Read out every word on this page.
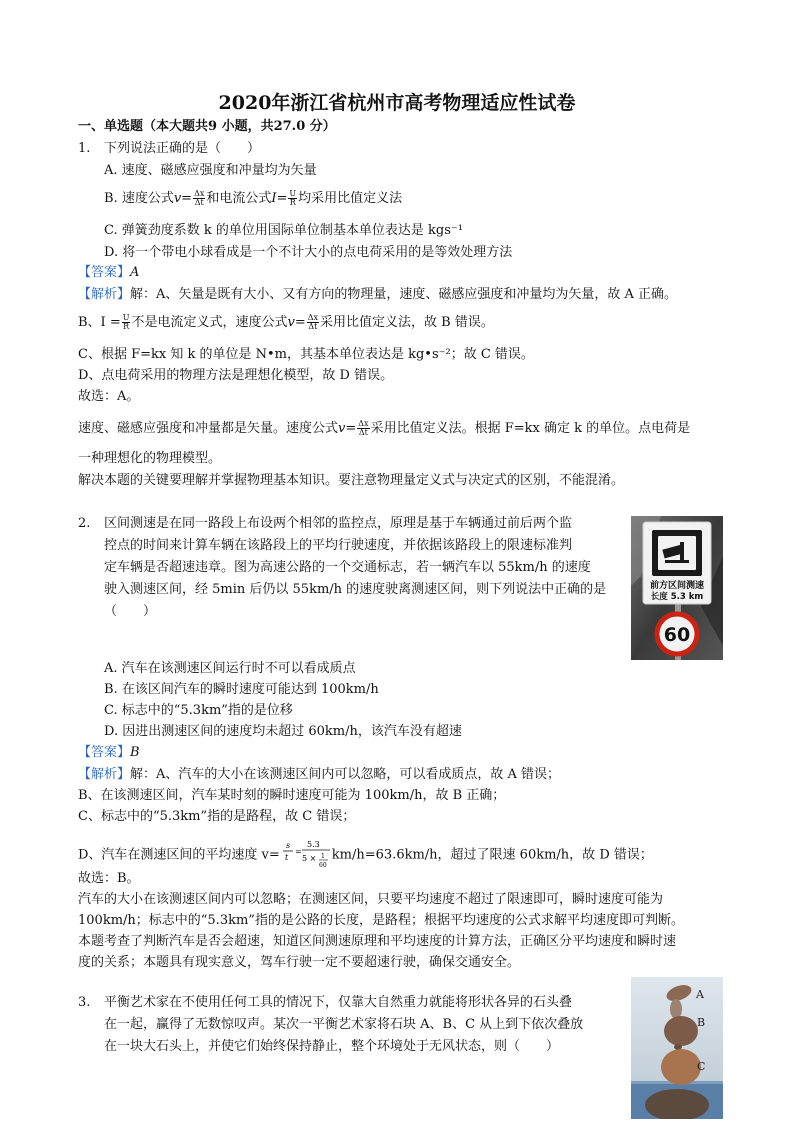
2020年浙江省杭州市高考物理适应性试卷
一、单选题（本大题共9 小题，共27.0 分）
1. 下列说法正确的是（　　）
A. 速度、磁感应强度和冲量均为矢量
B. 速度公式$v= \frac{\Delta x}{\Delta t}$ 和电流公式$I= \frac{U}{R}$ 均采用比值定义法
C. 弹簧劲度系数 k 的单位用国际单位制基本单位表达是 kgs⁻¹
D. 将一个带电小球看成是一个不计大小的点电荷采用的是等效处理方法
【答案】A
【解析】解：A、矢量是既有大小、又有方向的物理量，速度、磁感应强度和冲量均为矢量，故 A 正确。
B、$I = \frac{U}{R}$ 不是电流定义式，速度公式$v= \frac{\Delta x}{\Delta t}$ 采用比值定义法，故 B 错误。
C、根据 F=kx 知 k 的单位是 N•m，其基本单位表达是 kg•s⁻²；故 C 错误。
D、点电荷采用的物理方法是理想化模型，故 D 错误。
故选：A。
速度、磁感应强度和冲量都是矢量。速度公式$v= \frac{\Delta x}{\Delta t}$ 采用比值定义法。根据 F=kx 确定 k 的单位。点电荷是
一种理想化的物理模型。
解决本题的关键要理解并掌握物理基本知识。要注意物理量定义式与决定式的区别，不能混淆。
2. 区间测速是在同一路段上布设两个相邻的监控点，原理是基于车辆通过前后两个监
控点的时间来计算车辆在该路段上的平均行驶速度，并依据该路段上的限速标准判
定车辆是否超速违章。图为高速公路的一个交通标志，若一辆汽车以 55km/h 的速度
驶入测速区间，经 5min 后仍以 55km/h 的速度驶离测速区间，则下列说法中正确的是
（　　）
前方区间测速
长度 5.3 km
60
A. 汽车在该测速区间运行时不可以看成质点
B. 在该区间汽车的瞬时速度可能达到 100km/h
C. 标志中的“5.3km”指的是位移
D. 因进出测速区间的速度均未超过 60km/h，该汽车没有超速
【答案】B
【解析】解：A、汽车的大小在该测速区间内可以忽略，可以看成质点，故 A 错误；
B、在该测速区间，汽车某时刻的瞬时速度可能为 100km/h，故 B 正确；
C、标志中的“5.3km”指的是路程，故 C 错误；
D、汽车在测速区间的平均速度 v=
s
t
=
5.3
5 × 1
60
km/h=63.6km/h，超过了限速 60km/h，故 D 错误；
故选：B。
汽车的大小在该测速区间内可以忽略；在测速区间，只要平均速度不超过了限速即可，瞬时速度可能为
100km/h；标志中的“5.3km”指的是公路的长度，是路程；根据平均速度的公式求解平均速度即可判断。
本题考查了判断汽车是否会超速，知道区间测速原理和平均速度的计算方法，正确区分平均速度和瞬时速
度的关系；本题具有现实意义，驾车行驶一定不要超速行驶，确保交通安全。
3. 平衡艺术家在不使用任何工具的情况下，仅靠大自然重力就能将形状各异的石头叠
在一起，赢得了无数惊叹声。某次一平衡艺术家将石块 A、B、C 从上到下依次叠放
在一块大石头上，并使它们始终保持静止，整个环境处于无风状态，则（　　）
A
B
C
